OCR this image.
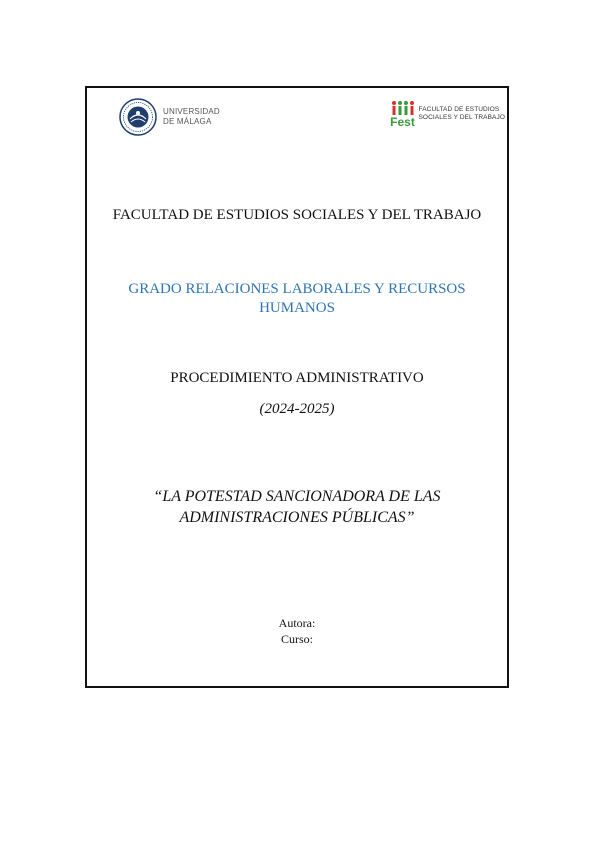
UNIVERSIDAD
DE MÁLAGA	Fest
FACULTAD DE ESTUDIOS
SOCIALES Y DEL TRABAJO
FACULTAD DE ESTUDIOS SOCIALES Y DEL TRABAJO
GRADO RELACIONES LABORALES Y RECURSOS
HUMANOS
PROCEDIMIENTO ADMINISTRATIVO
(2024-2025)
“LA POTESTAD SANCIONADORA DE LAS
ADMINISTRACIONES PÚBLICAS”
Autora:
Curso:
